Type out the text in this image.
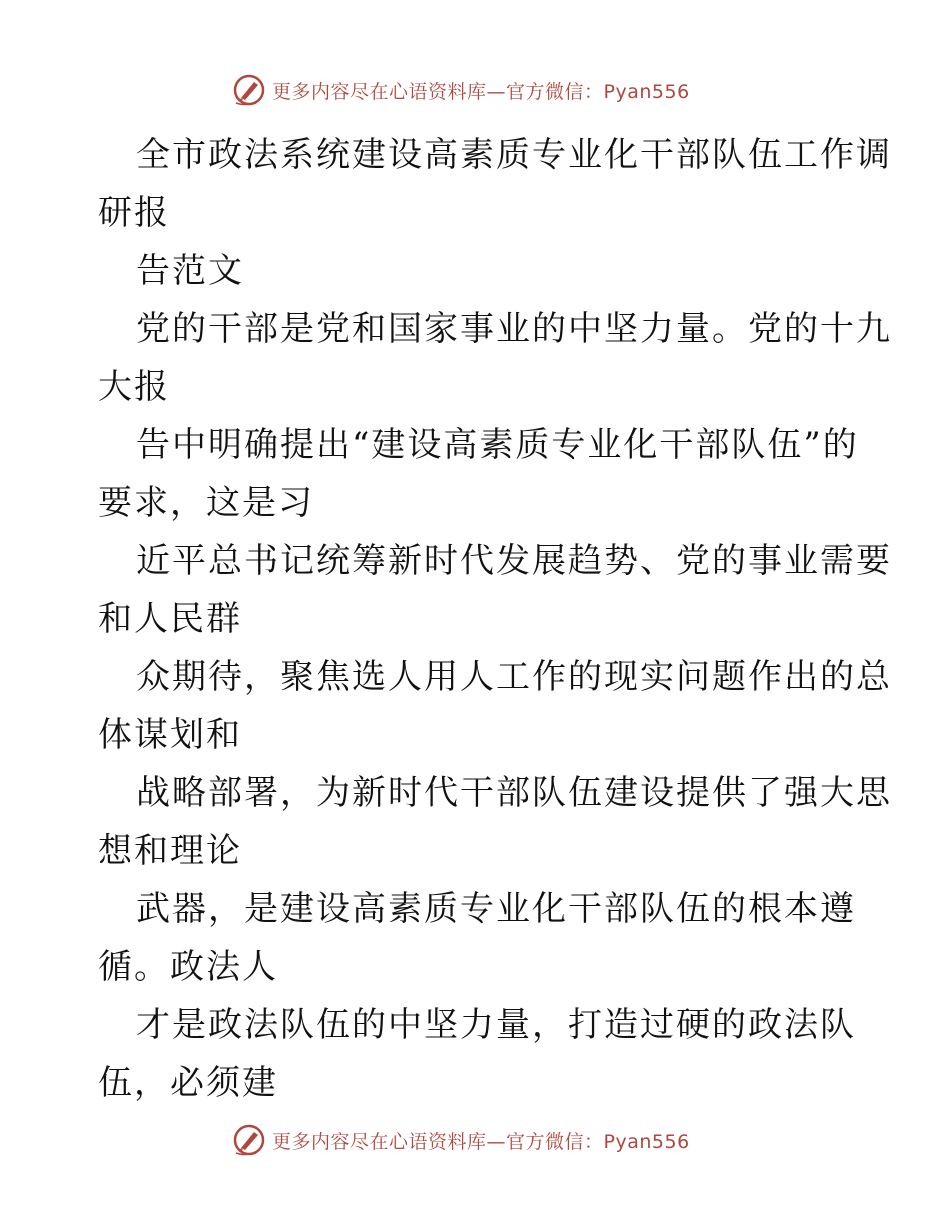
更多内容尽在心语资料库—官方微信：Pyan556
全市政法系统建设高素质专业化干部队伍工作调
研报
告范文
党的干部是党和国家事业的中坚力量。党的十九
大报
告中明确提出“建设高素质专业化干部队伍”的
要求，这是习
近平总书记统筹新时代发展趋势、党的事业需要
和人民群
众期待，聚焦选人用人工作的现实问题作出的总
体谋划和
战略部署，为新时代干部队伍建设提供了强大思
想和理论
武器，是建设高素质专业化干部队伍的根本遵
循。政法人
才是政法队伍的中坚力量，打造过硬的政法队
伍，必须建
更多内容尽在心语资料库—官方微信：Pyan556
